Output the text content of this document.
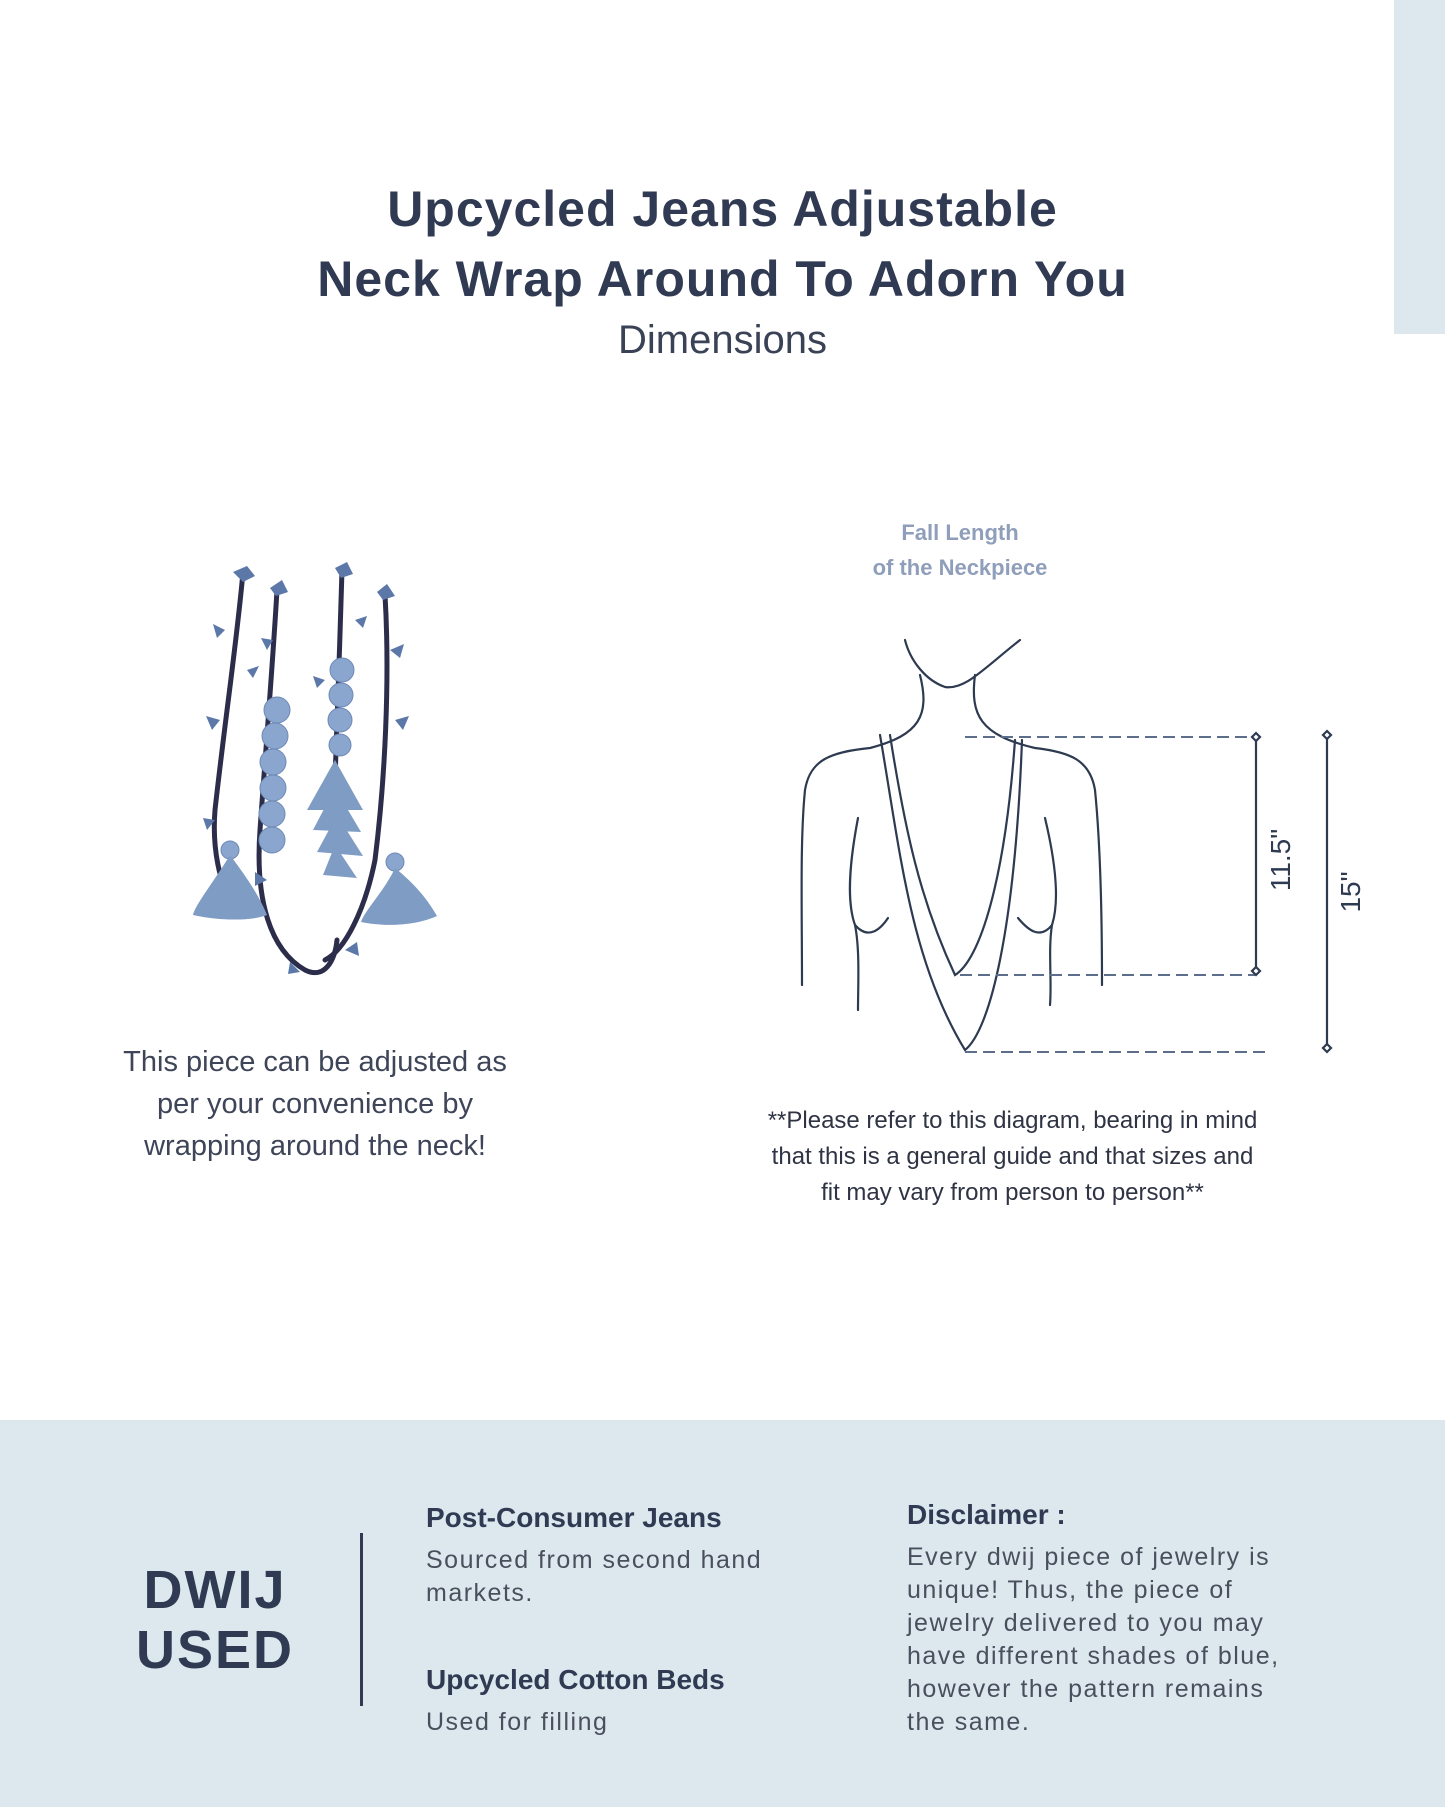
Upcycled Jeans Adjustable
Neck Wrap Around To Adorn You
Dimensions
This piece can be adjusted as per your convenience by wrapping around the neck!
Fall Length
of the Neckpiece
11.5"
15"
**Please refer to this diagram, bearing in mind that this is a general guide and that sizes and fit may vary from person to person**
DWIJ
USED
Post-Consumer Jeans
Sourced from second hand markets.
Upcycled Cotton Beds
Used for filling
Disclaimer :
Every dwij piece of jewelry is unique! Thus, the piece of jewelry delivered to you may have different shades of blue, however the pattern remains the same.
